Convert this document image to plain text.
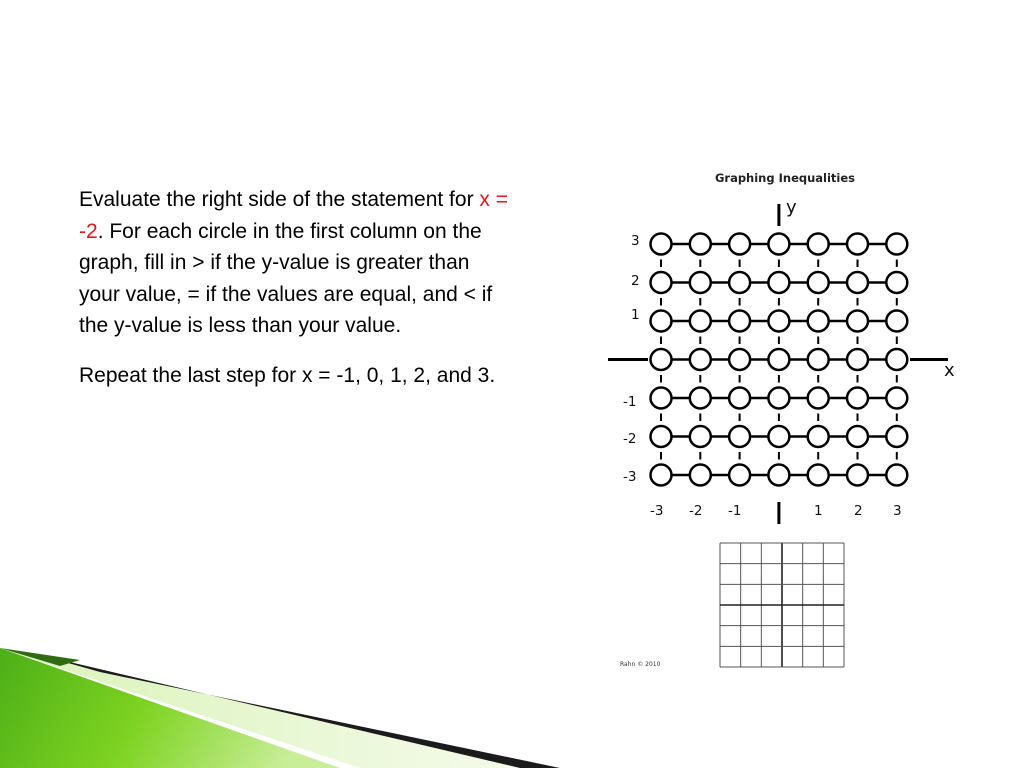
Evaluate the right side of the statement for x = -2. For each circle in the first column on the graph, fill in > if the y-value is greater than your value, = if the values are equal, and < if the y-value is less than your value.

Repeat the last step for x = -1, 0, 1, 2, and 3.

Graphing Inequalities
y
x
3
2
1
-1
-2
-3
-3 -2 -1	1 2 3
Rahn © 2010
